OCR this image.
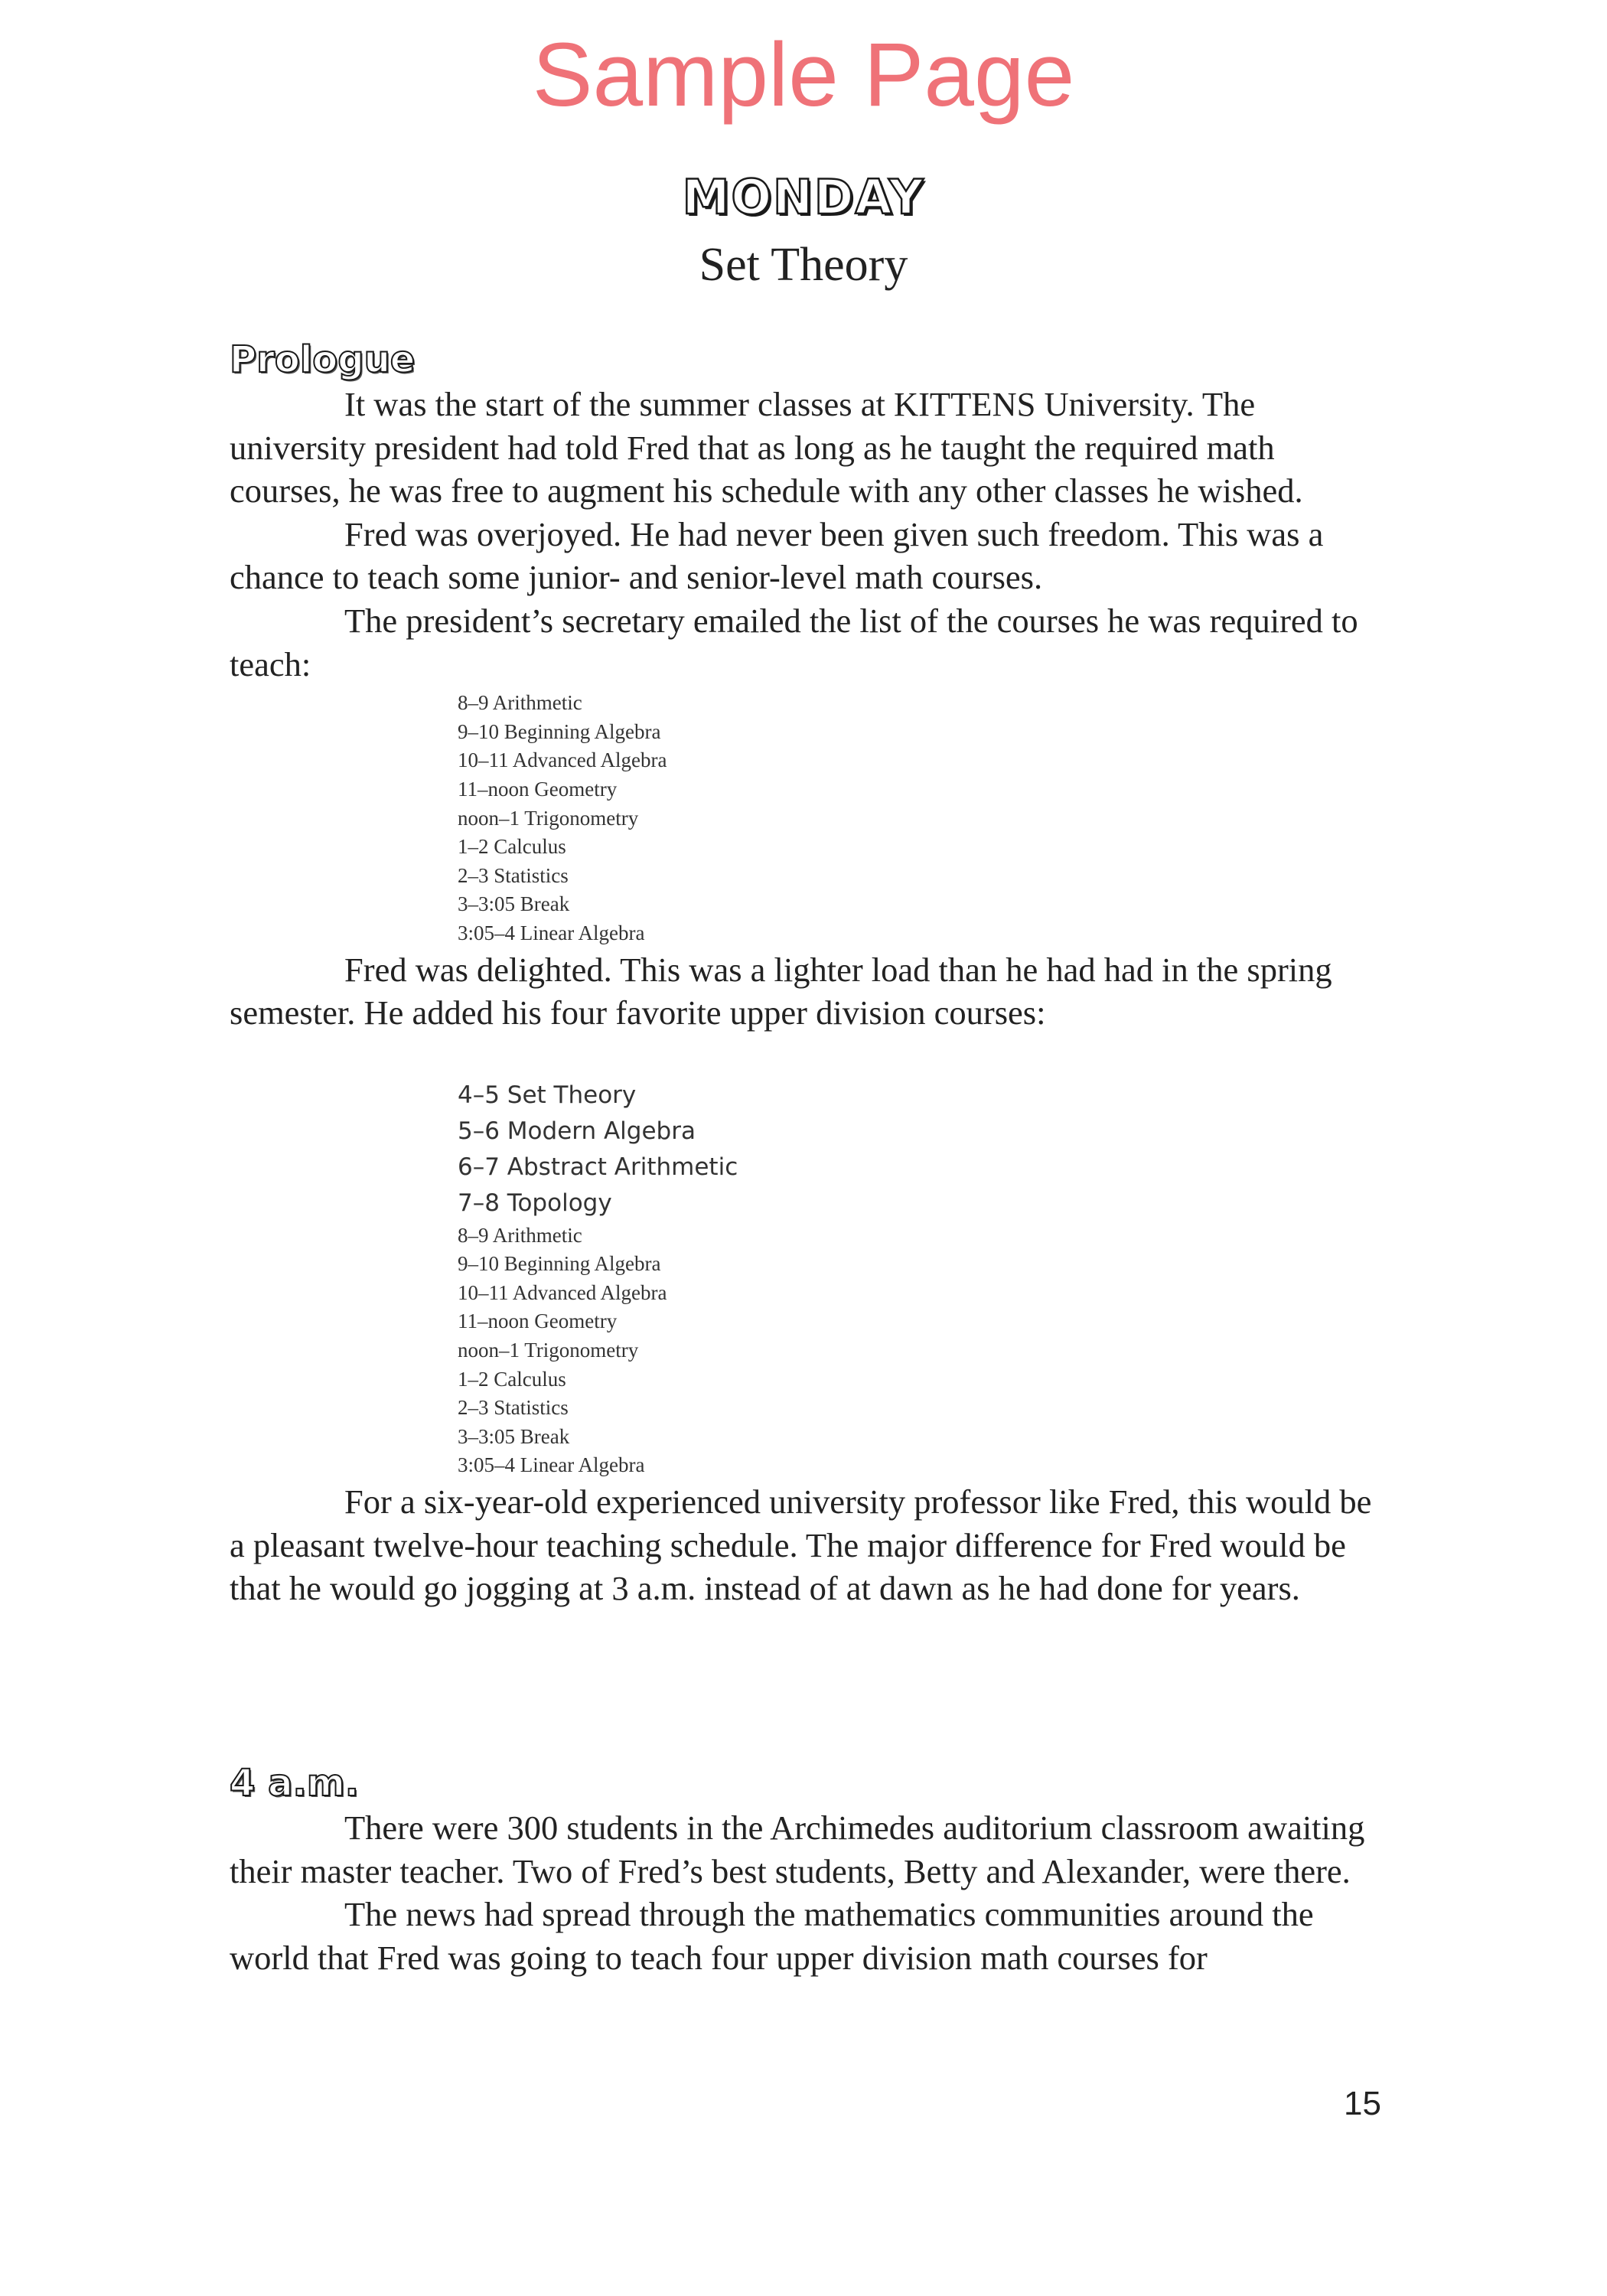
Sample Page
MONDAY
Set Theory
Prologue

It was the start of the summer classes at KITTENS University. The university president had told Fred that as long as he taught the required math courses, he was free to augment his schedule with any other classes he wished.

Fred was overjoyed. He had never been given such freedom. This was a chance to teach some junior- and senior-level math courses.

The president’s secretary emailed the list of the courses he was required to teach:

8–9 Arithmetic
9–10 Beginning Algebra
10–11 Advanced Algebra
11–noon Geometry
noon–1 Trigonometry
1–2 Calculus
2–3 Statistics
3–3:05 Break
3:05–4 Linear Algebra

Fred was delighted. This was a lighter load than he had had in the spring semester. He added his four favorite upper division courses:

4–5 Set Theory
5–6 Modern Algebra
6–7 Abstract Arithmetic
7–8 Topology
8–9 Arithmetic
9–10 Beginning Algebra
10–11 Advanced Algebra
11–noon Geometry
noon–1 Trigonometry
1–2 Calculus
2–3 Statistics
3–3:05 Break
3:05–4 Linear Algebra

For a six-year-old experienced university professor like Fred, this would be a pleasant twelve-hour teaching schedule. The major difference for Fred would be that he would go jogging at 3 a.m. instead of at dawn as he had done for years.

4 a.m.

There were 300 students in the Archimedes auditorium classroom awaiting their master teacher. Two of Fred’s best students, Betty and Alexander, were there.

The news had spread through the mathematics communities around the world that Fred was going to teach four upper division math courses for

15
